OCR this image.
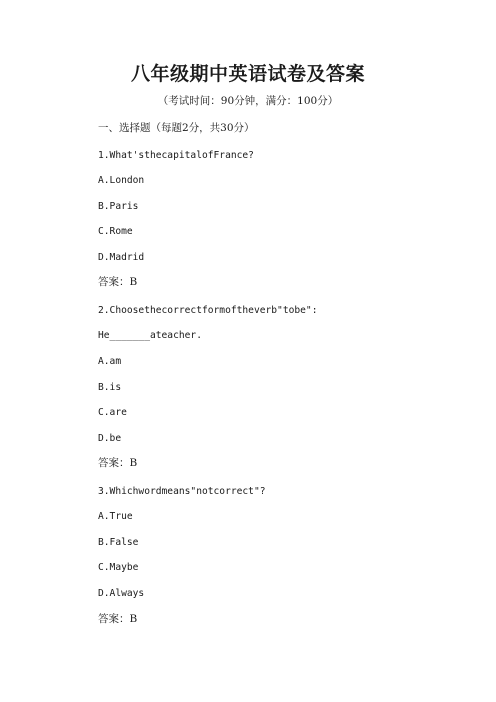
八年级期中英语试卷及答案
（考试时间：90分钟，满分：100分）
一、选择题（每题2分，共30分）
1.What'sthecapitalofFrance?
A.London
B.Paris
C.Rome
D.Madrid
答案：B
2.Choosethecorrectformoftheverb"tobe":
He_______ateacher.
A.am
B.is
C.are
D.be
答案：B
3.Whichwordmeans"notcorrect"?
A.True
B.False
C.Maybe
D.Always
答案：B
